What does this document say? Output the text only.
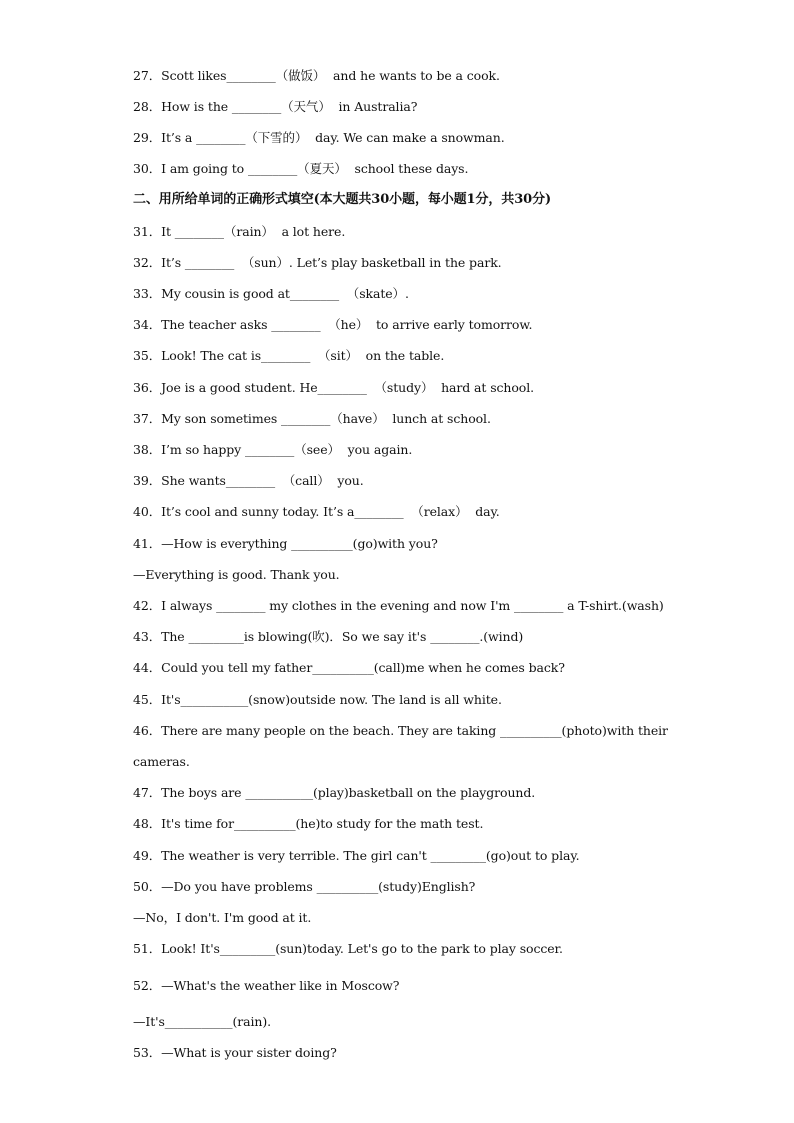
27．Scott likes________（做饭）  and he wants to be a cook.
28．How is the ________（天气）  in Australia?
29．It’s a ________（下雪的）  day. We can make a snowman.
30．I am going to ________（夏天）  school these days.
二、用所给单词的正确形式填空(本大题共30小题，每小题1分，共30分)
31．It ________（rain）  a lot here.
32．It’s ________  （sun）. Let’s play basketball in the park.
33．My cousin is good at________  （skate）.
34．The teacher asks ________  （he）  to arrive early tomorrow.
35．Look! The cat is________  （sit）  on the table.
36．Joe is a good student. He________  （study）  hard at school.
37．My son sometimes ________（have）  lunch at school.
38．I’m so happy ________（see）  you again.
39．She wants________  （call）  you.
40．It’s cool and sunny today. It’s a________  （relax）  day.
41．—How is everything __________(go)with you?
—Everything is good. Thank you.
42．I always ________ my clothes in the evening and now I'm ________ a T-shirt.(wash)
43．The _________is blowing(吹)．So we say it's ________.(wind)
44．Could you tell my father__________(call)me when he comes back?
45．It's___________(snow)outside now. The land is all white.
46．There are many people on the beach. They are taking __________(photo)with their
cameras.
47．The boys are ___________(play)basketball on the playground.
48．It's time for__________(he)to study for the math test.
49．The weather is very terrible. The girl can't _________(go)out to play.
50．—Do you have problems __________(study)English?
—No，I don't. I'm good at it.
51．Look! It's_________(sun)today. Let's go to the park to play soccer.
52．—What's the weather like in Moscow?
—It's___________(rain).
53．—What is your sister doing?
